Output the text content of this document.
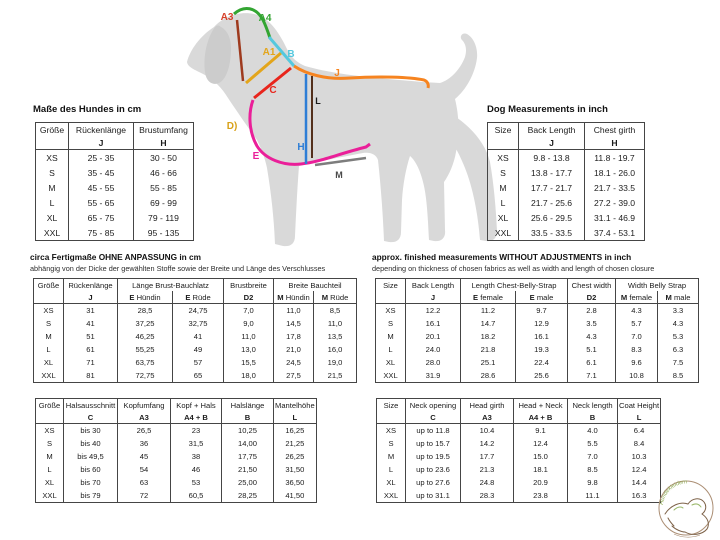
A3	A4
A1 B
C
D)
E
H
J
L
M
Maße des Hundes in cm
Größe	Rückenlänge	Brustumfang
	J	H
XS	25 - 35	30 - 50
S	35 - 45	46 - 66
M	45 - 55	55 - 85
L	55 - 65	69 - 99
XL	65 - 75	79 - 119
XXL	75 - 85	95 - 135
Dog Measurements in inch
Size	Back Length	Chest girth
	J	H
XS	9.8 - 13.8	11.8 - 19.7
S	13.8 - 17.7	18.1 - 26.0
M	17.7 - 21.7	21.7 - 33.5
L	21.7 - 25.6	27.2 - 39.0
XL	25.6 - 29.5	31.1 - 46.9
XXL	33.5 - 33.5	37.4 - 53.1
circa Fertigmaße OHNE ANPASSUNG in cm
abhängig von der Dicke der gewählten Stoffe sowie der Breite und Länge des Verschlusses
Größe	Rückenlänge	Länge Brust-Bauchlatz		Brustbreite	Breite Bauchteil	
	J	E Hündin	E Rüde	D2	M Hündin	M Rüde
XS	31	28,5	24,75	7,0	11,0	8,5
S	41	37,25	32,75	9,0	14,5	11,0
M	51	46,25	41	11,0	17,8	13,5
L	61	55,25	49	13,0	21,0	16,0
XL	71	63,75	57	15,5	24,5	19,0
XXL	81	72,75	65	18,0	27,5	21,5
approx. finished measurements WITHOUT ADJUSTMENTS in inch
depending on thickness of chosen fabrics as well as width and length of chosen closure
Size	Back Length	Length Chest-Belly-Strap		Chest width	Width Belly Strap	
	J	E female	E male	D2	M female	M male
XS	12.2	11.2	9.7	2.8	4.3	3.3
S	16.1	14.7	12.9	3.5	5.7	4.3
M	20.1	18.2	16.1	4.3	7.0	5.3
L	24.0	21.8	19.3	5.1	8.3	6.3
XL	28.0	25.1	22.4	6.1	9.6	7.5
XXL	31.9	28.6	25.6	7.1	10.8	8.5
Größe	Halsausschnitt	Kopfumfang	Kopf + Hals	Halslänge	Mantelhöhe
	C	A3	A4 + B	B	L
XS	bis 30	26,5	23	10,25	16,25
S	bis 40	36	31,5	14,00	21,25
M	bis 49,5	45	38	17,75	26,25
L	bis 60	54	46	21,50	31,50
XL	bis 70	63	53	25,00	36,50
XXL	bis 79	72	60,5	28,25	41,50
Size	Neck opening	Head girth	Head + Neck	Neck length	Coat Height
	C	A3	A4 + B	B	L
XS	up to 11.8	10.4	9.1	4.0	6.4
S	up to 15.7	14.2	12.4	5.5	8.4
M	up to 19.5	17.7	15.0	7.0	10.3
L	up to 23.6	21.3	18.1	8.5	12.4
XL	up to 27.6	24.8	20.9	9.8	14.4
XXL	up to 31.1	28.3	23.8	11.1	16.3
Hundekleidern
